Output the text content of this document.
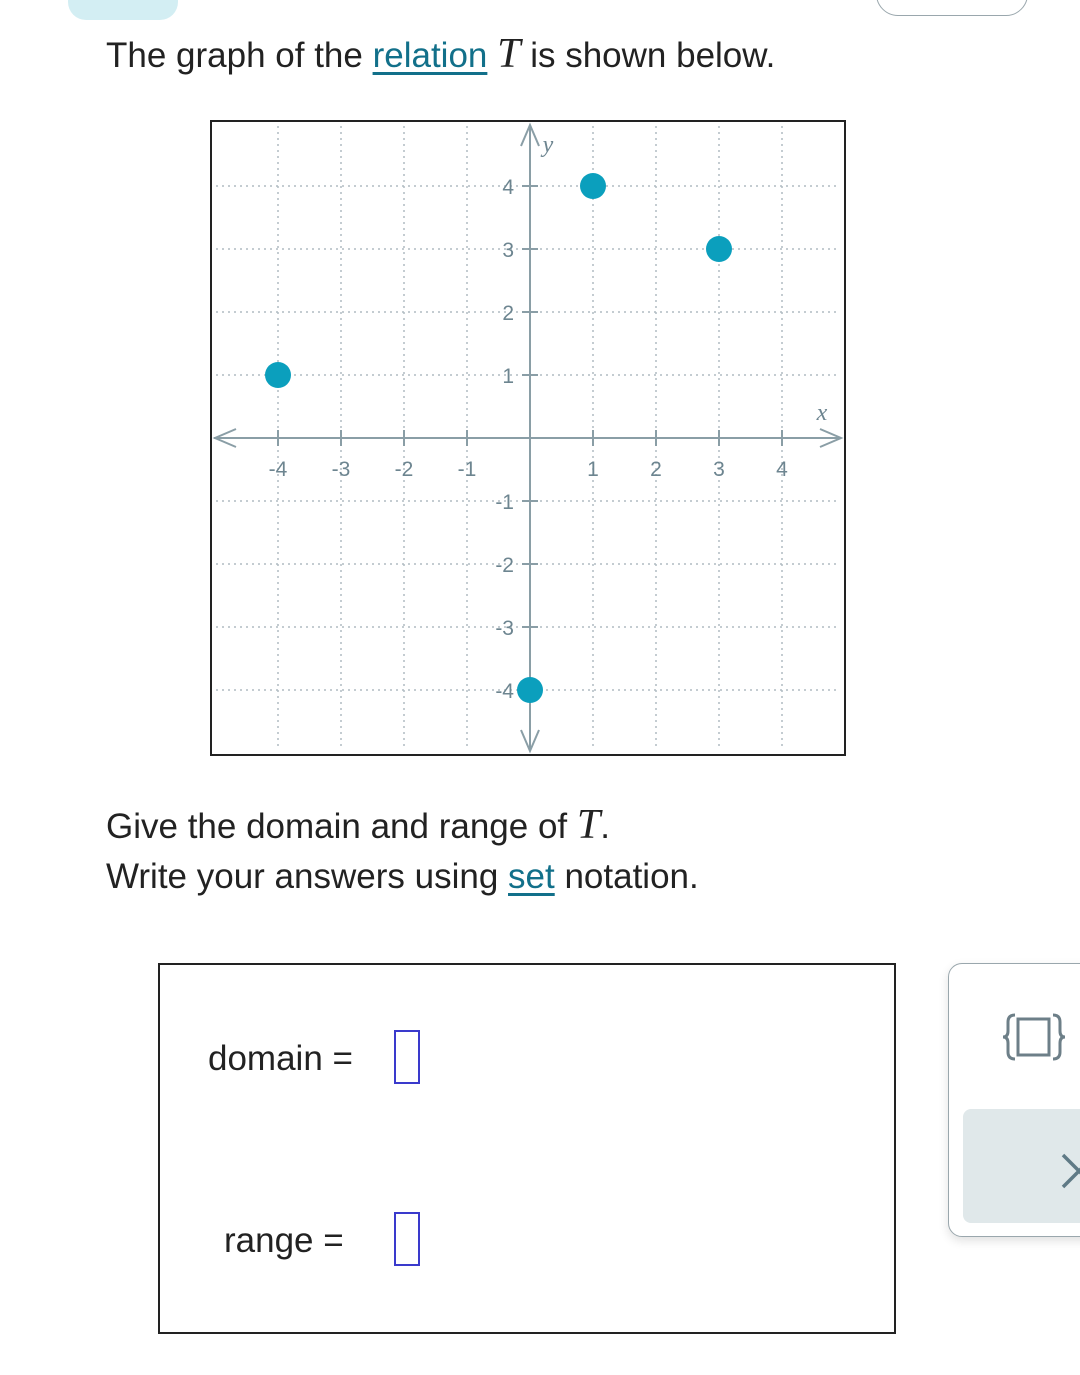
The graph of the relation T is shown below.
x
y
-4 -3 -2 -1	1 2 3 4
4
3
2
1
-1
-2
-3
-4
Give the domain and range of T.
Write your answers using set notation.
domain =
range =
